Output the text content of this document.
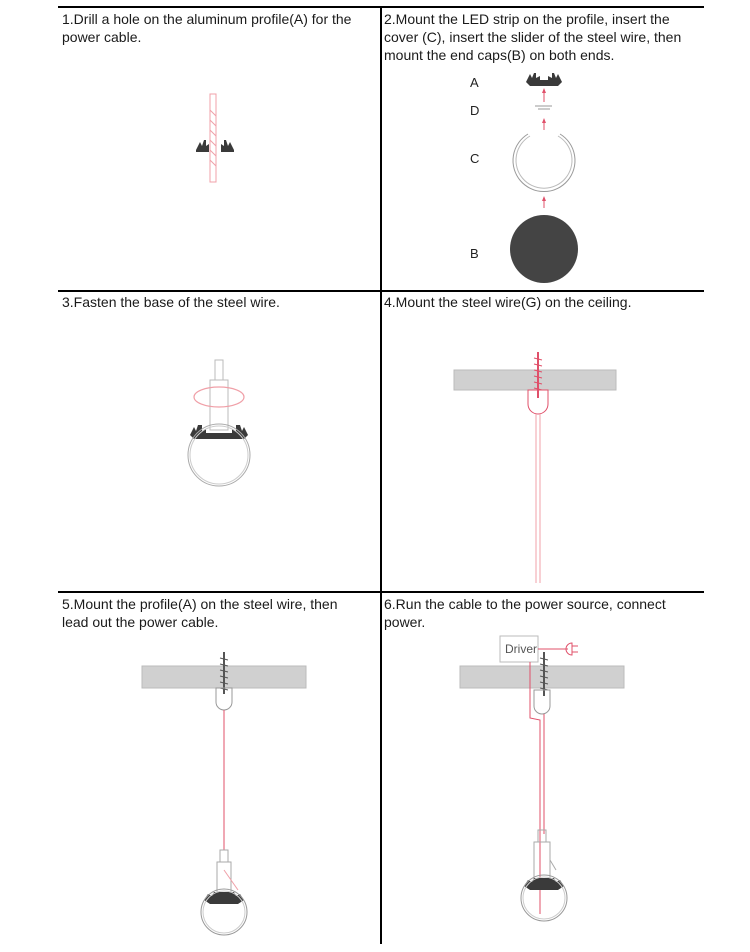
1.Drill a hole on the aluminum profile(A) for the power cable.
2.Mount the LED strip on the profile, insert the cover (C), insert the slider of the steel wire, then mount the end caps(B) on both ends.
3.Fasten the base of the steel wire.	4.Mount the steel wire(G) on the ceiling.
5.Mount the profile(A) on the steel wire, then lead out the power cable.
6.Run the cable to the power source, connect power.
A
D
C
B
Driver
